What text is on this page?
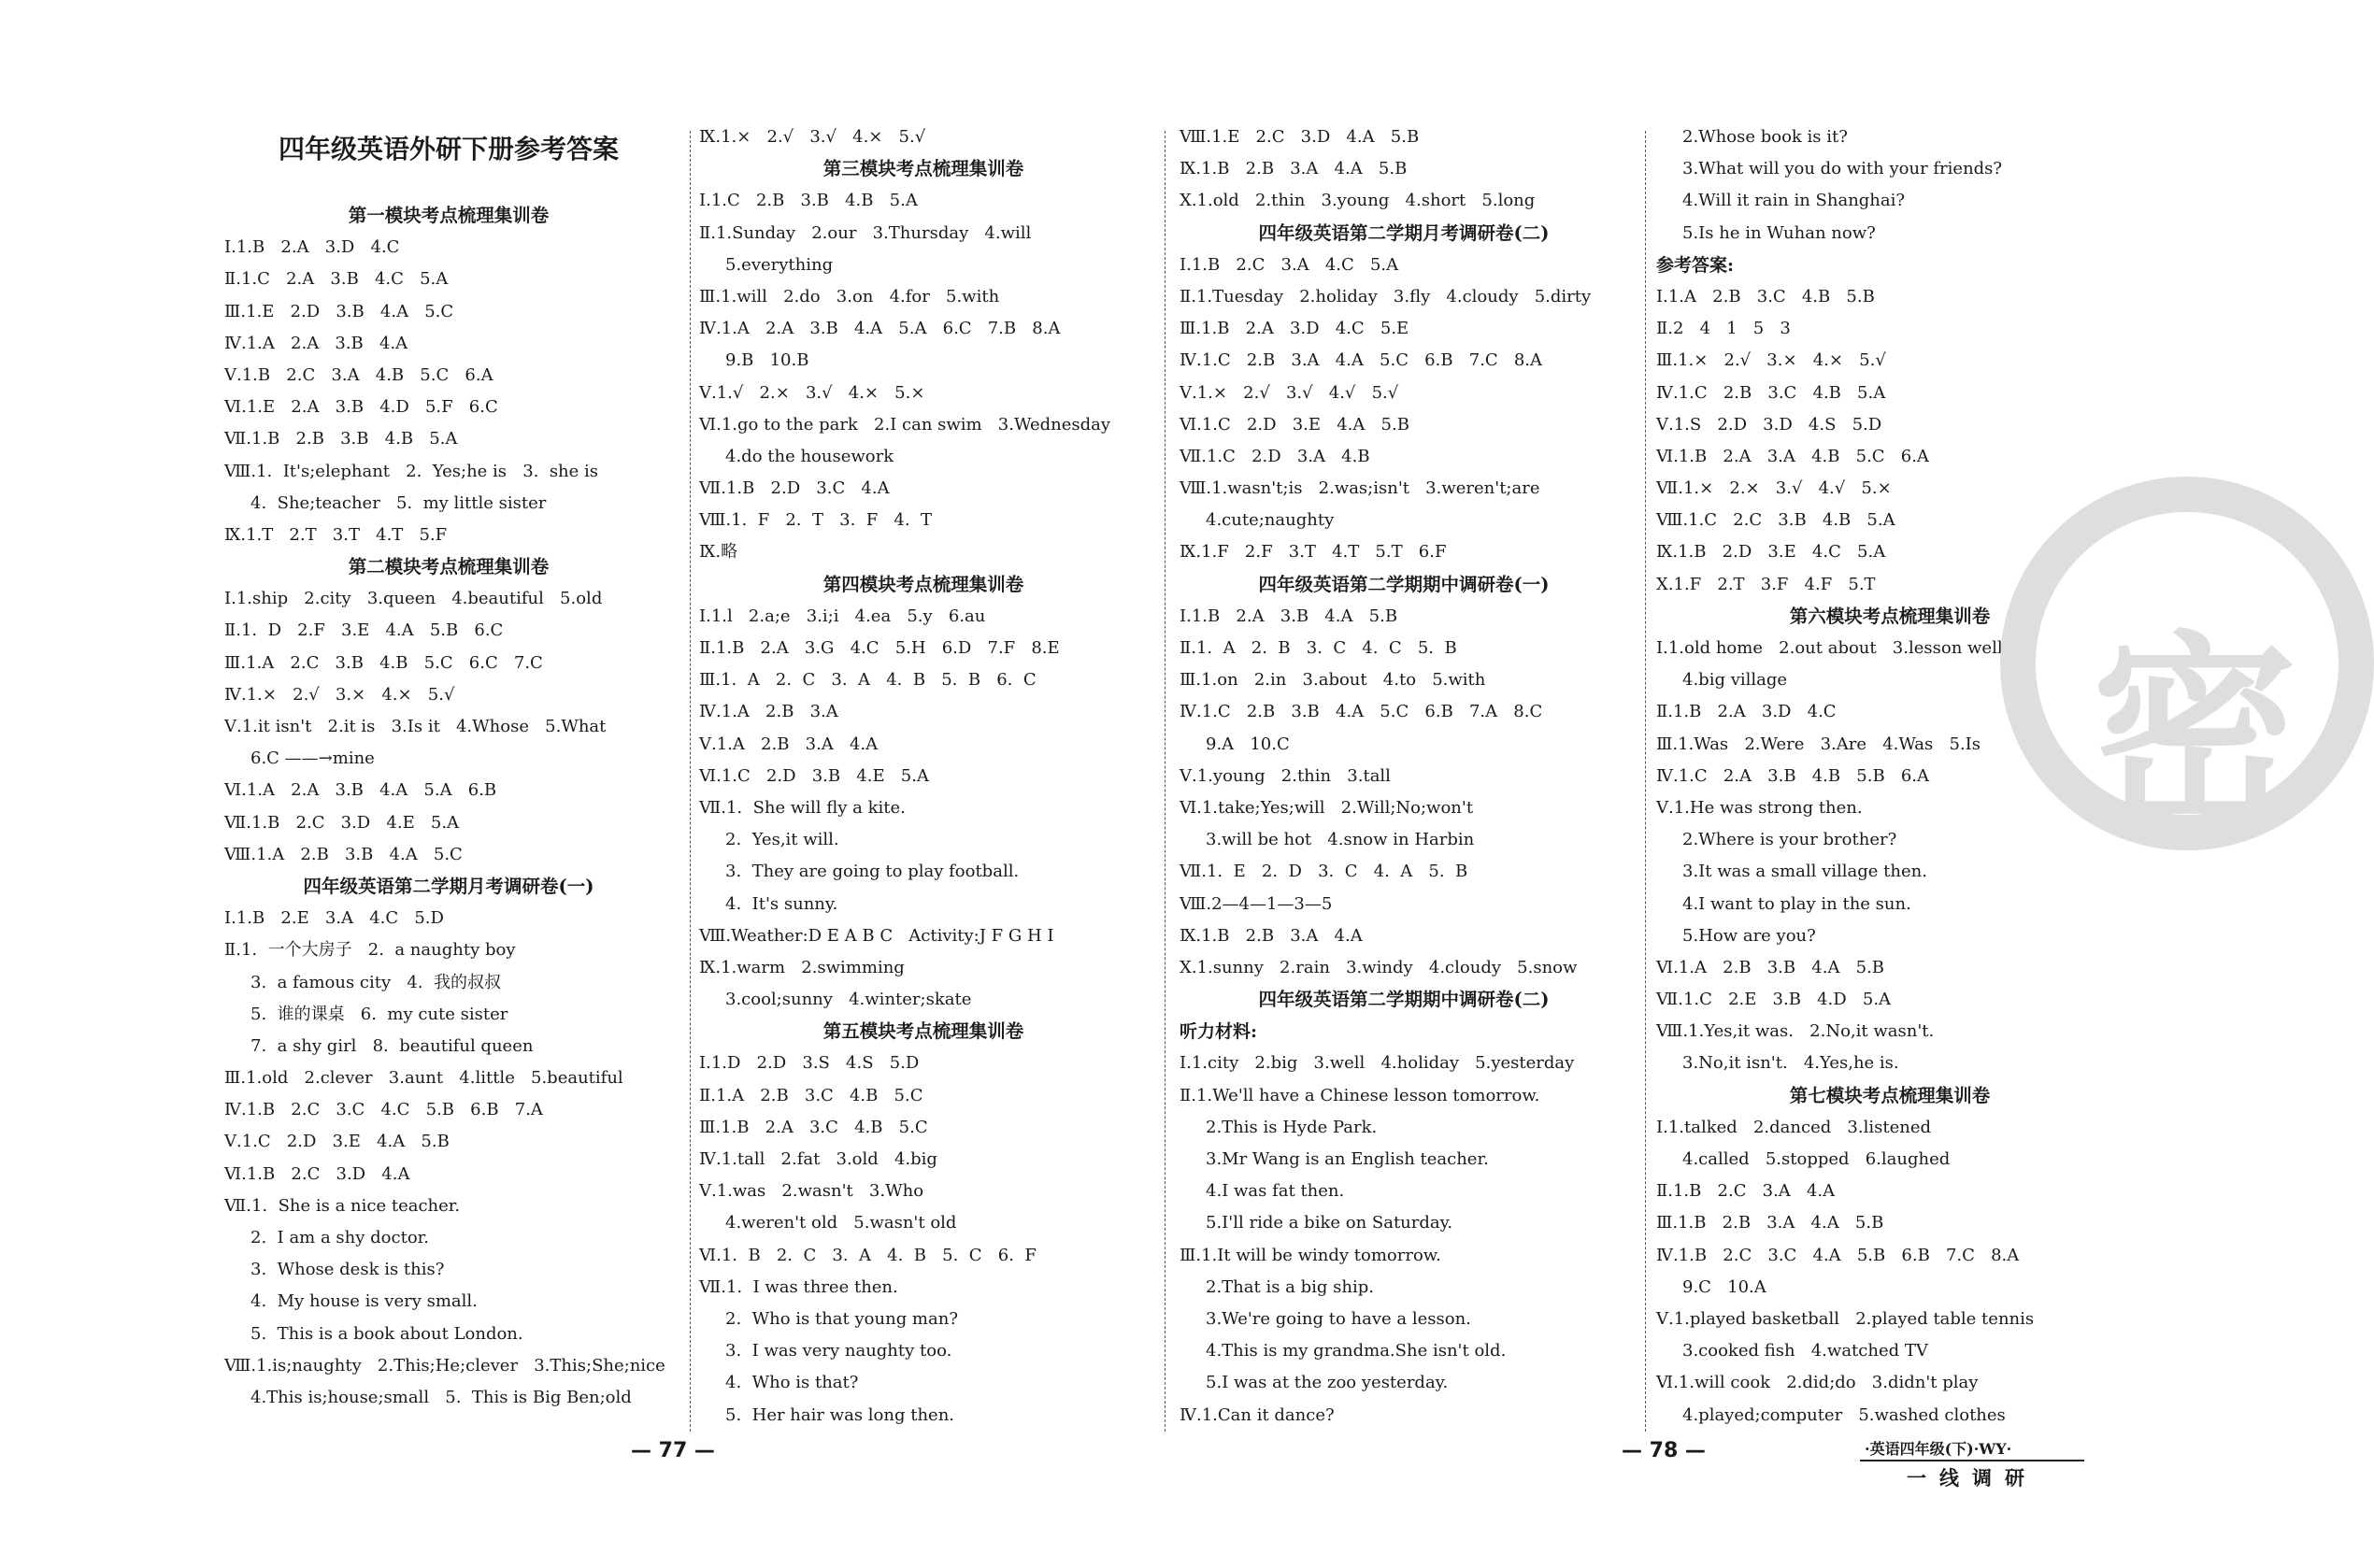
四年级英语外研下册参考答案
第一模块考点梳理集训卷
Ⅰ.1.B   2.A   3.D   4.C
Ⅱ.1.C   2.A   3.B   4.C   5.A
Ⅲ.1.E   2.D   3.B   4.A   5.C
Ⅳ.1.A   2.A   3.B   4.A
Ⅴ.1.B   2.C   3.A   4.B   5.C   6.A
Ⅵ.1.E   2.A   3.B   4.D   5.F   6.C
Ⅶ.1.B   2.B   3.B   4.B   5.A
Ⅷ.1.  It's;elephant   2.  Yes;he is   3.  she is
4.  She;teacher   5.  my little sister
Ⅸ.1.T   2.T   3.T   4.T   5.F
第二模块考点梳理集训卷
Ⅰ.1.ship   2.city   3.queen   4.beautiful   5.old
Ⅱ.1.  D   2.F   3.E   4.A   5.B   6.C
Ⅲ.1.A   2.C   3.B   4.B   5.C   6.C   7.C
Ⅳ.1.×   2.√   3.×   4.×   5.√
Ⅴ.1.it isn't   2.it is   3.Is it   4.Whose   5.What
6.C ——→mine
Ⅵ.1.A   2.A   3.B   4.A   5.A   6.B
Ⅶ.1.B   2.C   3.D   4.E   5.A
Ⅷ.1.A   2.B   3.B   4.A   5.C
四年级英语第二学期月考调研卷(一)
Ⅰ.1.B   2.E   3.A   4.C   5.D
Ⅱ.1.  一个大房子   2.  a naughty boy
3.  a famous city   4.  我的叔叔
5.  谁的课桌   6.  my cute sister
7.  a shy girl   8.  beautiful queen
Ⅲ.1.old   2.clever   3.aunt   4.little   5.beautiful
Ⅳ.1.B   2.C   3.C   4.C   5.B   6.B   7.A
Ⅴ.1.C   2.D   3.E   4.A   5.B
Ⅵ.1.B   2.C   3.D   4.A
Ⅶ.1.  She is a nice teacher.
2.  I am a shy doctor.
3.  Whose desk is this?
4.  My house is very small.
5.  This is a book about London.
Ⅷ.1.is;naughty   2.This;He;clever   3.This;She;nice
4.This is;house;small   5.  This is Big Ben;old
Ⅸ.1.×   2.√   3.√   4.×   5.√
第三模块考点梳理集训卷
Ⅰ.1.C   2.B   3.B   4.B   5.A
Ⅱ.1.Sunday   2.our   3.Thursday   4.will
5.everything
Ⅲ.1.will   2.do   3.on   4.for   5.with
Ⅳ.1.A   2.A   3.B   4.A   5.A   6.C   7.B   8.A
9.B   10.B
Ⅴ.1.√   2.×   3.√   4.×   5.×
Ⅵ.1.go to the park   2.I can swim   3.Wednesday
4.do the housework
Ⅶ.1.B   2.D   3.C   4.A
Ⅷ.1.  F   2.  T   3.  F   4.  T
Ⅸ.略
第四模块考点梳理集训卷
Ⅰ.1.l   2.a;e   3.i;i   4.ea   5.y   6.au
Ⅱ.1.B   2.A   3.G   4.C   5.H   6.D   7.F   8.E
Ⅲ.1.  A   2.  C   3.  A   4.  B   5.  B   6.  C
Ⅳ.1.A   2.B   3.A
Ⅴ.1.A   2.B   3.A   4.A
Ⅵ.1.C   2.D   3.B   4.E   5.A
Ⅶ.1.  She will fly a kite.
2.  Yes,it will.
3.  They are going to play football.
4.  It's sunny.
Ⅷ.Weather:D E A B C   Activity:J F G H I
Ⅸ.1.warm   2.swimming
3.cool;sunny   4.winter;skate
第五模块考点梳理集训卷
Ⅰ.1.D   2.D   3.S   4.S   5.D
Ⅱ.1.A   2.B   3.C   4.B   5.C
Ⅲ.1.B   2.A   3.C   4.B   5.C
Ⅳ.1.tall   2.fat   3.old   4.big
Ⅴ.1.was   2.wasn't   3.Who
4.weren't old   5.wasn't old
Ⅵ.1.  B   2.  C   3.  A   4.  B   5.  C   6.  F
Ⅶ.1.  I was three then.
2.  Who is that young man?
3.  I was very naughty too.
4.  Who is that?
5.  Her hair was long then.
Ⅷ.1.E   2.C   3.D   4.A   5.B
Ⅸ.1.B   2.B   3.A   4.A   5.B
Ⅹ.1.old   2.thin   3.young   4.short   5.long
四年级英语第二学期月考调研卷(二)
Ⅰ.1.B   2.C   3.A   4.C   5.A
Ⅱ.1.Tuesday   2.holiday   3.fly   4.cloudy   5.dirty
Ⅲ.1.B   2.A   3.D   4.C   5.E
Ⅳ.1.C   2.B   3.A   4.A   5.C   6.B   7.C   8.A
Ⅴ.1.×   2.√   3.√   4.√   5.√
Ⅵ.1.C   2.D   3.E   4.A   5.B
Ⅶ.1.C   2.D   3.A   4.B
Ⅷ.1.wasn't;is   2.was;isn't   3.weren't;are
4.cute;naughty
Ⅸ.1.F   2.F   3.T   4.T   5.T   6.F
四年级英语第二学期期中调研卷(一)
Ⅰ.1.B   2.A   3.B   4.A   5.B
Ⅱ.1.  A   2.  B   3.  C   4.  C   5.  B
Ⅲ.1.on   2.in   3.about   4.to   5.with
Ⅳ.1.C   2.B   3.B   4.A   5.C   6.B   7.A   8.C
9.A   10.C
Ⅴ.1.young   2.thin   3.tall
Ⅵ.1.take;Yes;will   2.Will;No;won't
3.will be hot   4.snow in Harbin
Ⅶ.1.  E   2.  D   3.  C   4.  A   5.  B
Ⅷ.2—4—1—3—5
Ⅸ.1.B   2.B   3.A   4.A
Ⅹ.1.sunny   2.rain   3.windy   4.cloudy   5.snow
四年级英语第二学期期中调研卷(二)
听力材料:
Ⅰ.1.city   2.big   3.well   4.holiday   5.yesterday
Ⅱ.1.We'll have a Chinese lesson tomorrow.
2.This is Hyde Park.
3.Mr Wang is an English teacher.
4.I was fat then.
5.I'll ride a bike on Saturday.
Ⅲ.1.It will be windy tomorrow.
2.That is a big ship.
3.We're going to have a lesson.
4.This is my grandma.She isn't old.
5.I was at the zoo yesterday.
Ⅳ.1.Can it dance?
2.Whose book is it?
3.What will you do with your friends?
4.Will it rain in Shanghai?
5.Is he in Wuhan now?
参考答案:
Ⅰ.1.A   2.B   3.C   4.B   5.B
Ⅱ.2   4   1   5   3
Ⅲ.1.×   2.√   3.×   4.×   5.√
Ⅳ.1.C   2.B   3.C   4.B   5.A
Ⅴ.1.S   2.D   3.D   4.S   5.D
Ⅵ.1.B   2.A   3.A   4.B   5.C   6.A
Ⅶ.1.×   2.×   3.√   4.√   5.×
Ⅷ.1.C   2.C   3.B   4.B   5.A
Ⅸ.1.B   2.D   3.E   4.C   5.A
Ⅹ.1.F   2.T   3.F   4.F   5.T
第六模块考点梳理集训卷
Ⅰ.1.old home   2.out about   3.lesson well
4.big village
Ⅱ.1.B   2.A   3.D   4.C
Ⅲ.1.Was   2.Were   3.Are   4.Was   5.Is
Ⅳ.1.C   2.A   3.B   4.B   5.B   6.A
Ⅴ.1.He was strong then.
2.Where is your brother?
3.It was a small village then.
4.I want to play in the sun.
5.How are you?
Ⅵ.1.A   2.B   3.B   4.A   5.B
Ⅶ.1.C   2.E   3.B   4.D   5.A
Ⅷ.1.Yes,it was.   2.No,it wasn't.
3.No,it isn't.   4.Yes,he is.
第七模块考点梳理集训卷
Ⅰ.1.talked   2.danced   3.listened
4.called   5.stopped   6.laughed
Ⅱ.1.B   2.C   3.A   4.A
Ⅲ.1.B   2.B   3.A   4.A   5.B
Ⅳ.1.B   2.C   3.C   4.A   5.B   6.B   7.C   8.A
9.C   10.A
Ⅴ.1.played basketball   2.played table tennis
3.cooked fish   4.watched TV
Ⅵ.1.will cook   2.did;do   3.didn't play
4.played;computer   5.washed clothes
— 77 —	— 78 —	·英语四年级(下)·WY·
一线调研
密
